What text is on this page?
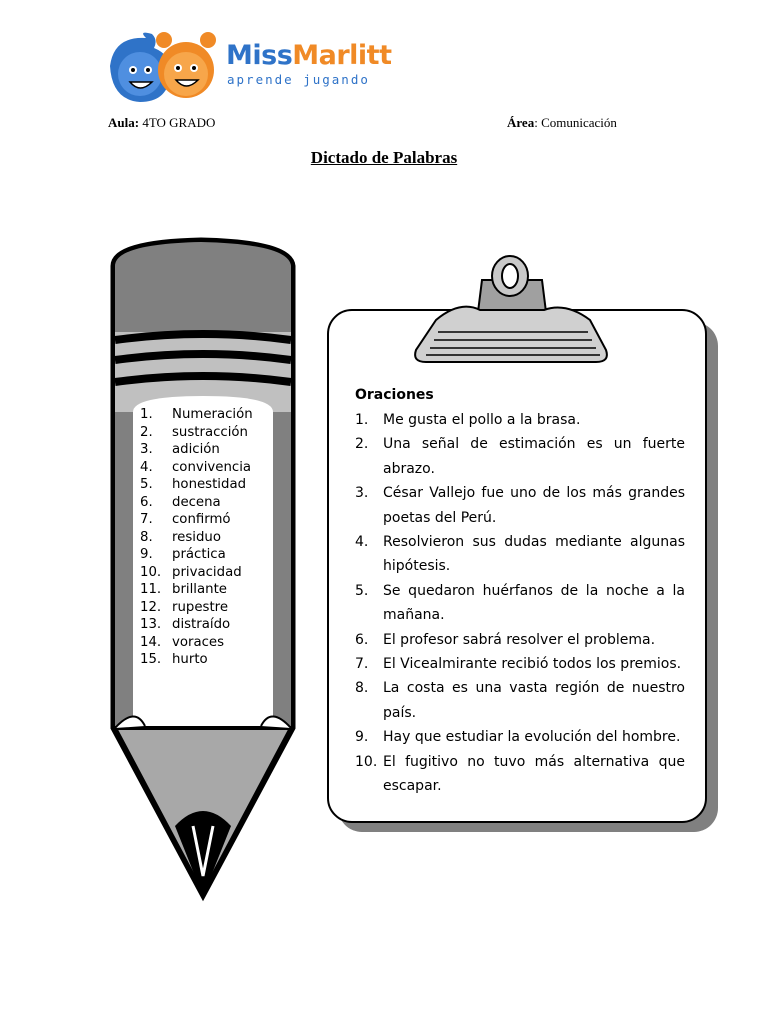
MissMarlitt
aprende jugando
Aula: 4TO GRADO	Área: Comunicación
Dictado de Palabras
1.	Numeración
2.	sustracción
3.	adición
4.	convivencia
5.	honestidad
6.	decena
7.	confirmó
8.	residuo
9.	práctica
10. privacidad
11. brillante
12. rupestre
13. distraído
14. voraces
15. hurto
Oraciones
1.	Me gusta el pollo a la brasa.
2.	Una señal de estimación es un fuerte abrazo.
3.	César Vallejo fue uno de los más grandes poetas del Perú.
4.	Resolvieron sus dudas mediante algunas hipótesis.
5.	Se quedaron huérfanos de la noche a la mañana.
6.	El profesor sabrá resolver el problema.
7.	El Vicealmirante recibió todos los premios.
8.	La costa es una vasta región de nuestro país.
9.	Hay que estudiar la evolución del hombre.
10. El fugitivo no tuvo más alternativa que escapar.
